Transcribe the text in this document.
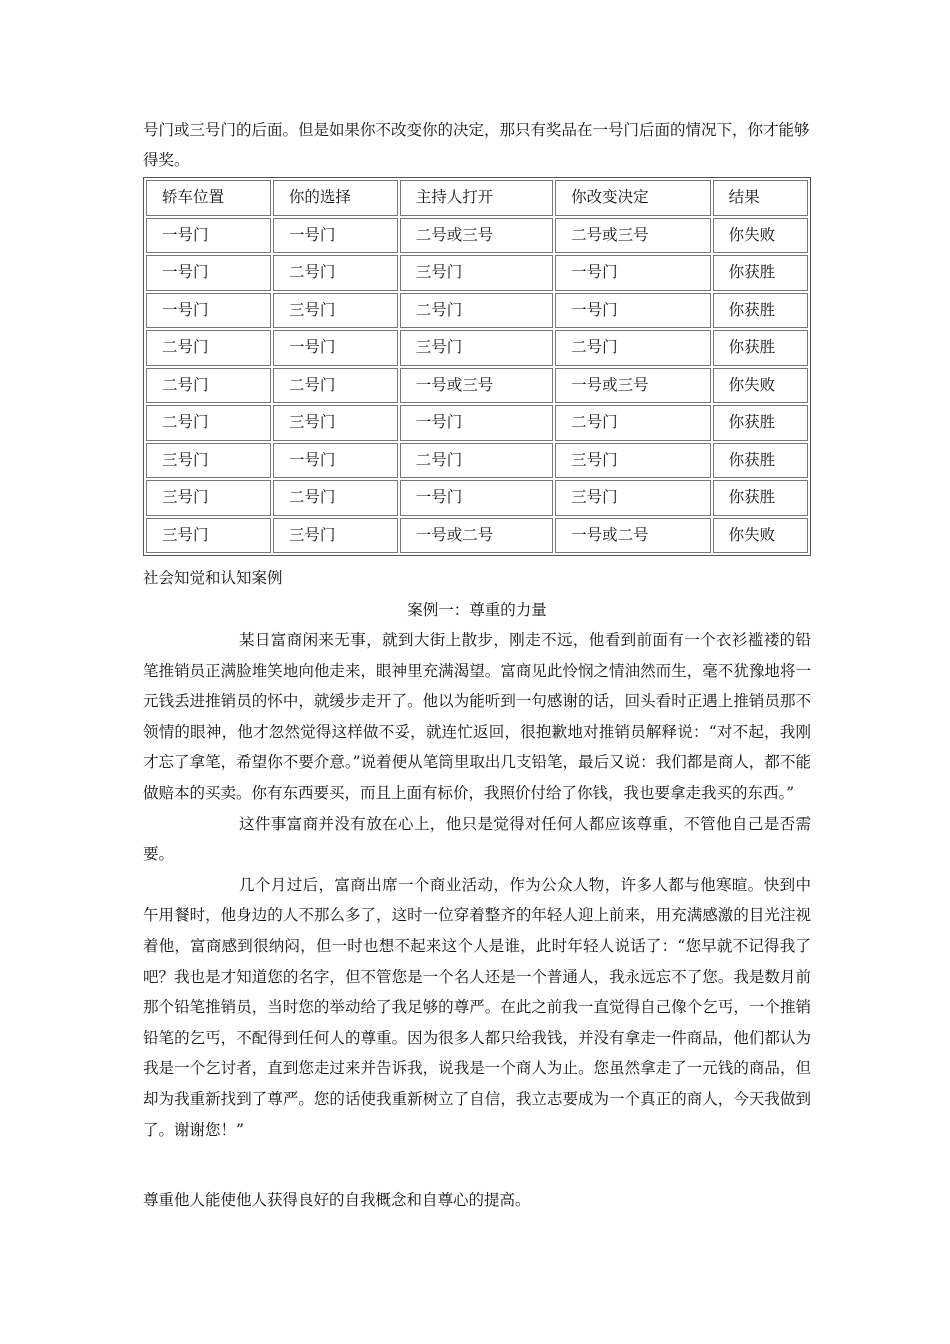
号门或三号门的后面。但是如果你不改变你的决定，那只有奖品在一号门后面的情况下，你才能够得奖。

轿车位置	你的选择	主持人打开	你改变决定	结果
一号门	一号门	二号或三号	二号或三号	你失败
一号门	二号门	三号门	一号门	你获胜
一号门	三号门	二号门	一号门	你获胜
二号门	一号门	三号门	二号门	你获胜
二号门	二号门	一号或三号	一号或三号	你失败
二号门	三号门	一号门	二号门	你获胜
三号门	一号门	二号门	三号门	你获胜
三号门	二号门	一号门	三号门	你获胜
三号门	三号门	一号或二号	一号或二号	你失败

社会知觉和认知案例

案例一：尊重的力量

某日富商闲来无事，就到大街上散步，刚走不远，他看到前面有一个衣衫褴褛的铅笔推销员正满脸堆笑地向他走来，眼神里充满渴望。富商见此怜悯之情油然而生，毫不犹豫地将一元钱丢进推销员的怀中，就缓步走开了。他以为能听到一句感谢的话，回头看时正遇上推销员那不领情的眼神，他才忽然觉得这样做不妥，就连忙返回，很抱歉地对推销员解释说：“对不起，我刚才忘了拿笔，希望你不要介意。”说着便从笔筒里取出几支铅笔，最后又说：我们都是商人，都不能做赔本的买卖。你有东西要买，而且上面有标价，我照价付给了你钱，我也要拿走我买的东西。”

这件事富商并没有放在心上，他只是觉得对任何人都应该尊重，不管他自己是否需要。

几个月过后，富商出席一个商业活动，作为公众人物，许多人都与他寒暄。快到中午用餐时，他身边的人不那么多了，这时一位穿着整齐的年轻人迎上前来，用充满感激的目光注视着他，富商感到很纳闷，但一时也想不起来这个人是谁，此时年轻人说话了：“您早就不记得我了吧？我也是才知道您的名字，但不管您是一个名人还是一个普通人，我永远忘不了您。我是数月前那个铅笔推销员，当时您的举动给了我足够的尊严。在此之前我一直觉得自己像个乞丐，一个推销铅笔的乞丐，不配得到任何人的尊重。因为很多人都只给我钱，并没有拿走一件商品，他们都认为我是一个乞讨者，直到您走过来并告诉我，说我是一个商人为止。您虽然拿走了一元钱的商品，但却为我重新找到了尊严。您的话使我重新树立了自信，我立志要成为一个真正的商人，今天我做到了。谢谢您！”

尊重他人能使他人获得良好的自我概念和自尊心的提高。
